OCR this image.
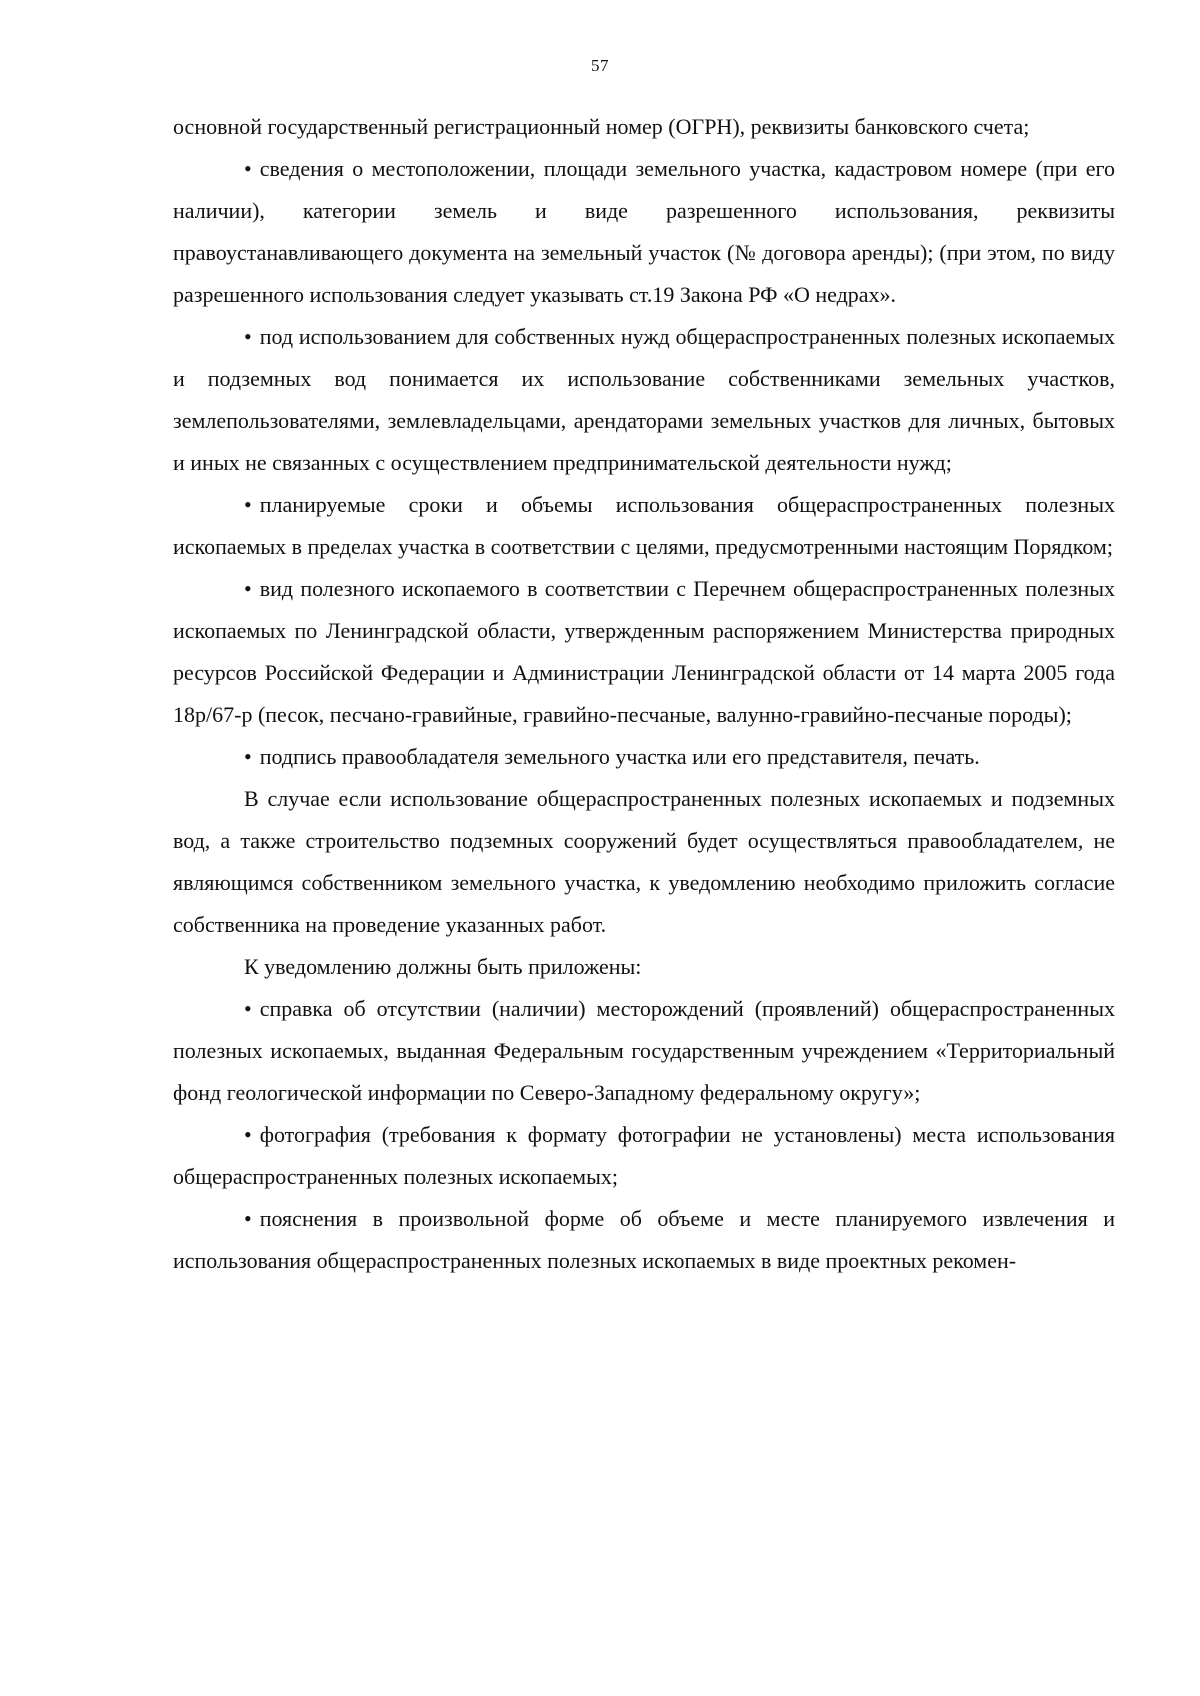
57

основной государственный регистрационный номер (ОГРН), реквизиты банковского счета;

• сведения о местоположении, площади земельного участка, кадастровом номере (при его наличии), категории земель и виде разрешенного использования, реквизиты правоустанавливающего документа на земельный участок (№ договора аренды); (при этом, по виду разрешенного использования следует указывать ст.19 Закона РФ «О недрах».

• под использованием для собственных нужд общераспространенных полезных ископаемых и подземных вод понимается их использование собственниками земельных участков, землепользователями, землевладельцами, арендаторами земельных участков для личных, бытовых и иных не связанных с осуществлением предпринимательской деятельности нужд;

• планируемые сроки и объемы использования общераспространенных полезных ископаемых в пределах участка в соответствии с целями, предусмотренными настоящим Порядком;

• вид полезного ископаемого в соответствии с Перечнем общераспространенных полезных ископаемых по Ленинградской области, утвержденным распоряжением Министерства природных ресурсов Российской Федерации и Администрации Ленинградской области от 14 марта 2005 года 18р/67-р (песок, песчано-гравийные, гравийно-песчаные, валунно-гравийно-песчаные породы);

• подпись правообладателя земельного участка или его представителя, печать.

В случае если использование общераспространенных полезных ископаемых и подземных вод, а также строительство подземных сооружений будет осуществляться правообладателем, не являющимся собственником земельного участка, к уведомлению необходимо приложить согласие собственника на проведение указанных работ.

К уведомлению должны быть приложены:

• справка об отсутствии (наличии) месторождений (проявлений) общераспространенных полезных ископаемых, выданная Федеральным государственным учреждением «Территориальный фонд геологической информации по Северо-Западному федеральному округу»;

• фотография (требования к формату фотографии не установлены) места использования общераспространенных полезных ископаемых;

• пояснения в произвольной форме об объеме и месте планируемого извлечения и использования общераспространенных полезных ископаемых в виде проектных рекомен-
